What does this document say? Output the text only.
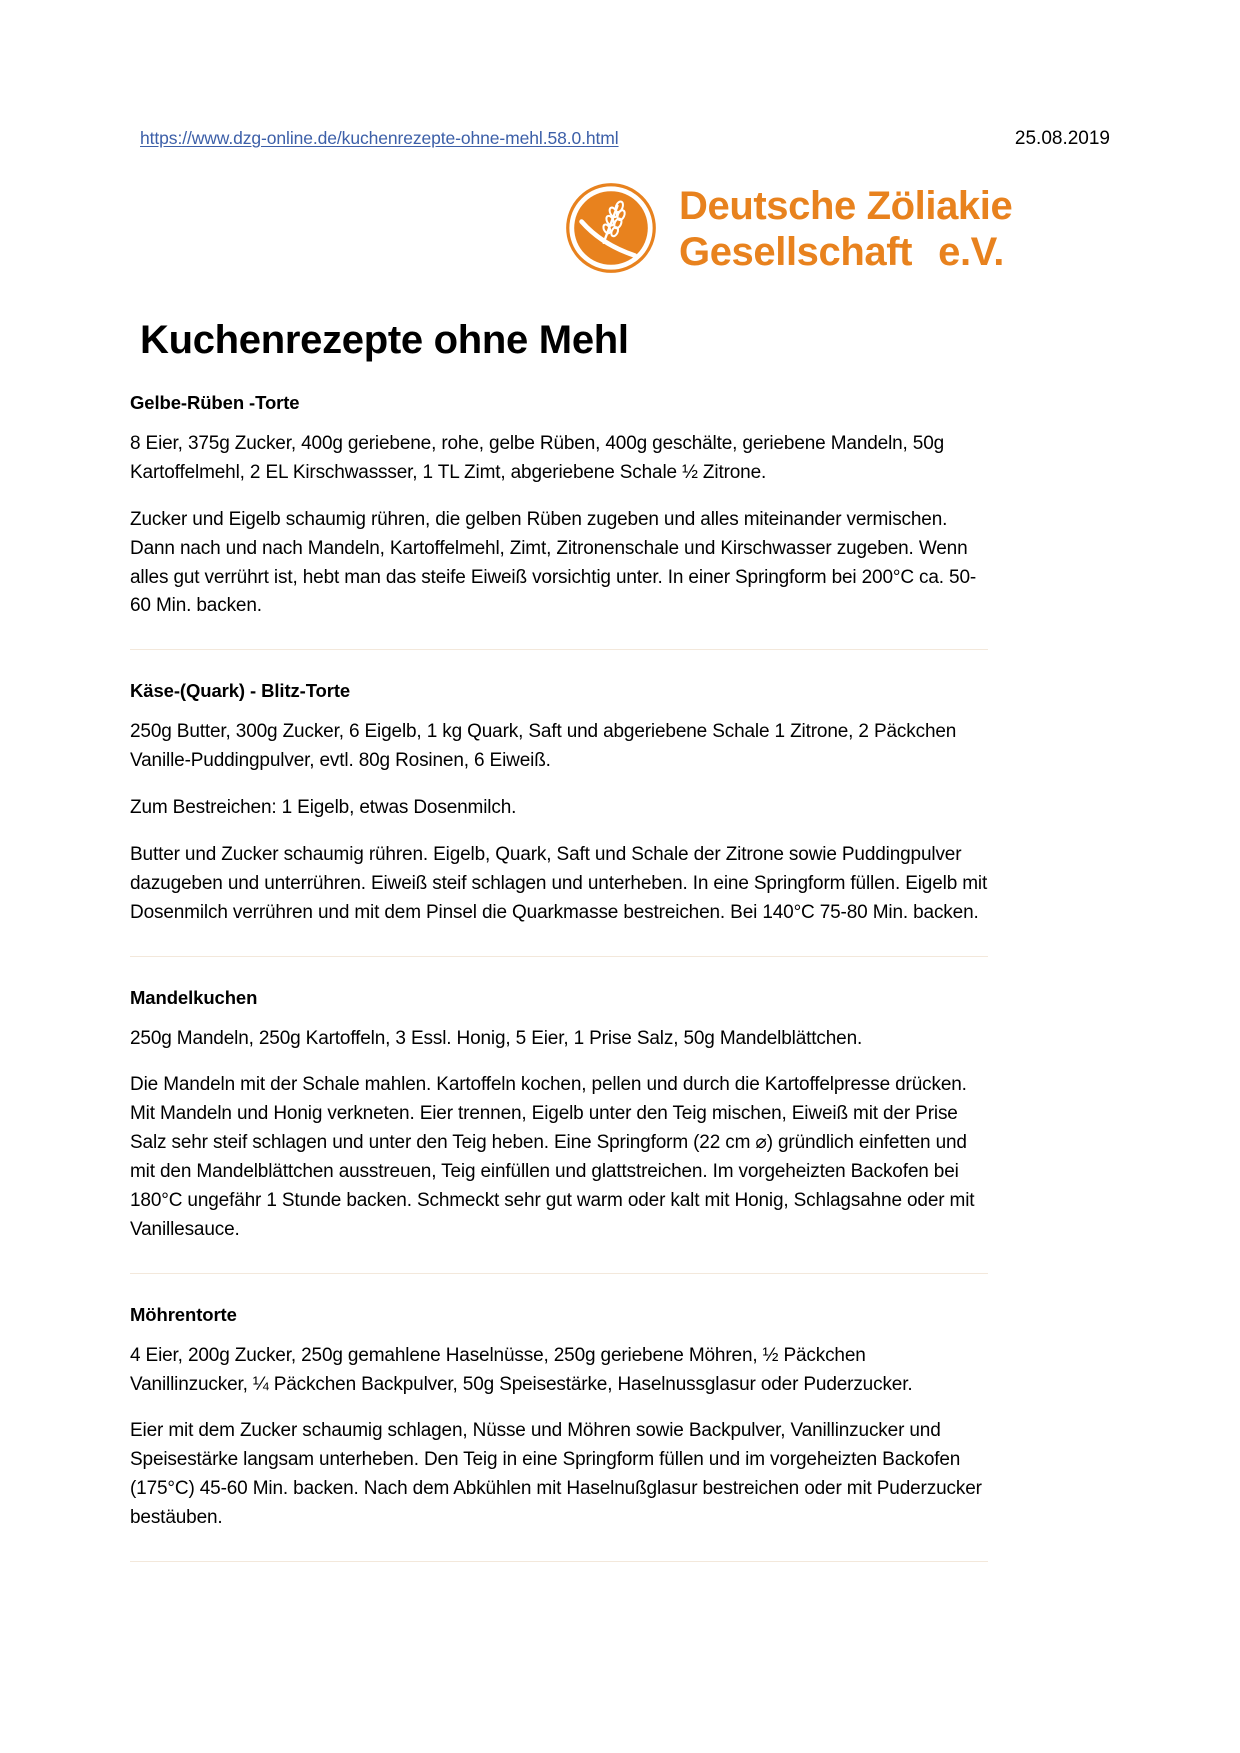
https://www.dzg-online.de/kuchenrezepte-ohne-mehl.58.0.html	25.08.2019
Deutsche Zöliakie
Gesellschaft e.V.
Kuchenrezepte ohne Mehl
Gelbe-Rüben -Torte

8 Eier, 375g Zucker, 400g geriebene, rohe, gelbe Rüben, 400g geschälte, geriebene Mandeln, 50g Kartoffelmehl, 2 EL Kirschwassser, 1 TL Zimt, abgeriebene Schale ½ Zitrone.

Zucker und Eigelb schaumig rühren, die gelben Rüben zugeben und alles miteinander vermischen. Dann nach und nach Mandeln, Kartoffelmehl, Zimt, Zitronenschale und Kirschwasser zugeben. Wenn alles gut verrührt ist, hebt man das steife Eiweiß vorsichtig unter. In einer Springform bei 200°C ca. 50-60 Min. backen.

Käse-(Quark) - Blitz-Torte

250g Butter, 300g Zucker, 6 Eigelb, 1 kg Quark, Saft und abgeriebene Schale 1 Zitrone, 2 Päckchen Vanille-Puddingpulver, evtl. 80g Rosinen, 6 Eiweiß.

Zum Bestreichen: 1 Eigelb, etwas Dosenmilch.

Butter und Zucker schaumig rühren. Eigelb, Quark, Saft und Schale der Zitrone sowie Puddingpulver dazugeben und unterrühren. Eiweiß steif schlagen und unterheben. In eine Springform füllen. Eigelb mit Dosenmilch verrühren und mit dem Pinsel die Quarkmasse bestreichen. Bei 140°C 75-80 Min. backen.

Mandelkuchen

250g Mandeln, 250g Kartoffeln, 3 Essl. Honig, 5 Eier, 1 Prise Salz, 50g Mandelblättchen.

Die Mandeln mit der Schale mahlen. Kartoffeln kochen, pellen und durch die Kartoffelpresse drücken. Mit Mandeln und Honig verkneten. Eier trennen, Eigelb unter den Teig mischen, Eiweiß mit der Prise Salz sehr steif schlagen und unter den Teig heben. Eine Springform (22 cm ⌀) gründlich einfetten und mit den Mandelblättchen ausstreuen, Teig einfüllen und glattstreichen. Im vorgeheizten Backofen bei 180°C ungefähr 1 Stunde backen. Schmeckt sehr gut warm oder kalt mit Honig, Schlagsahne oder mit Vanillesauce.

Möhrentorte

4 Eier, 200g Zucker, 250g gemahlene Haselnüsse, 250g geriebene Möhren, ½ Päckchen Vanillinzucker, ¼ Päckchen Backpulver, 50g Speisestärke, Haselnussglasur oder Puderzucker.

Eier mit dem Zucker schaumig schlagen, Nüsse und Möhren sowie Backpulver, Vanillinzucker und Speisestärke langsam unterheben. Den Teig in eine Springform füllen und im vorgeheizten Backofen (175°C) 45-60 Min. backen. Nach dem Abkühlen mit Haselnußglasur bestreichen oder mit Puderzucker bestäuben.
